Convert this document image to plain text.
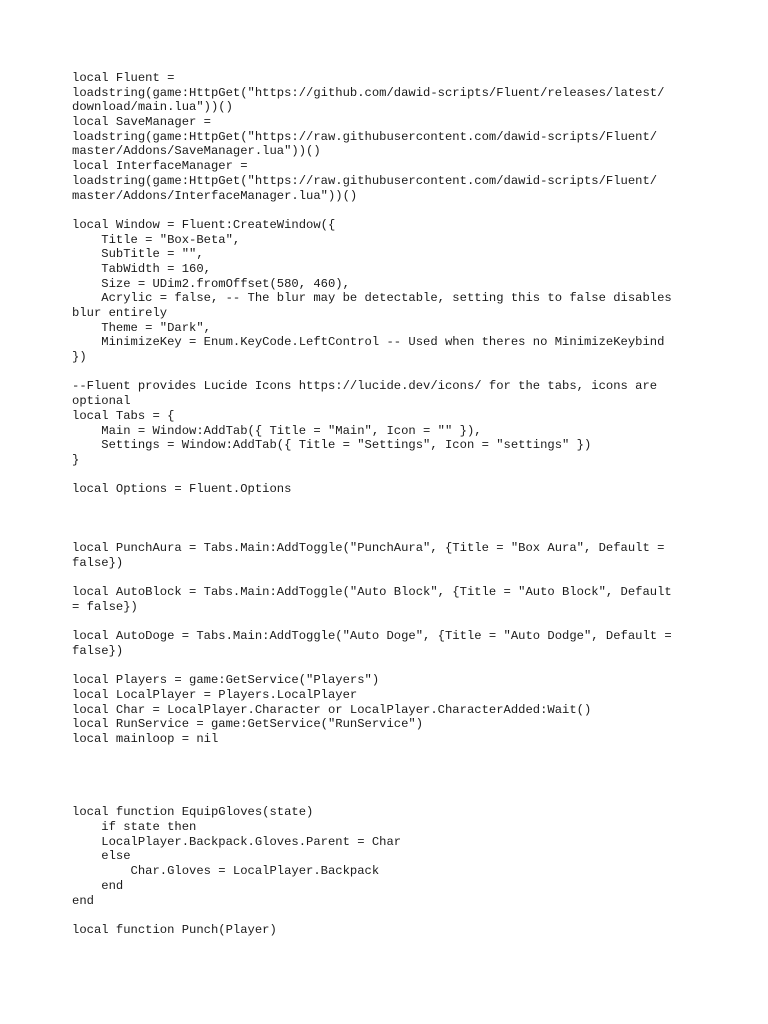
local Fluent =
loadstring(game:HttpGet("https://github.com/dawid-scripts/Fluent/releases/latest/
download/main.lua"))()
local SaveManager =
loadstring(game:HttpGet("https://raw.githubusercontent.com/dawid-scripts/Fluent/
master/Addons/SaveManager.lua"))()
local InterfaceManager =
loadstring(game:HttpGet("https://raw.githubusercontent.com/dawid-scripts/Fluent/
master/Addons/InterfaceManager.lua"))()
local Window = Fluent:CreateWindow({
Title = "Box-Beta",
SubTitle = "",
TabWidth = 160,
Size = UDim2.fromOffset(580, 460),
Acrylic = false, -- The blur may be detectable, setting this to false disables
blur entirely
Theme = "Dark",
MinimizeKey = Enum.KeyCode.LeftControl -- Used when theres no MinimizeKeybind
})
--Fluent provides Lucide Icons https://lucide.dev/icons/ for the tabs, icons are
optional
local Tabs = {
Main = Window:AddTab({ Title = "Main", Icon = "" }),
Settings = Window:AddTab({ Title = "Settings", Icon = "settings" })
}
local Options = Fluent.Options
local PunchAura = Tabs.Main:AddToggle("PunchAura", {Title = "Box Aura", Default =
false})
local AutoBlock = Tabs.Main:AddToggle("Auto Block", {Title = "Auto Block", Default
= false})
local AutoDoge = Tabs.Main:AddToggle("Auto Doge", {Title = "Auto Dodge", Default =
false})
local Players = game:GetService("Players")
local LocalPlayer = Players.LocalPlayer
local Char = LocalPlayer.Character or LocalPlayer.CharacterAdded:Wait()
local RunService = game:GetService("RunService")
local mainloop = nil
local function EquipGloves(state)
if state then
LocalPlayer.Backpack.Gloves.Parent = Char
else
Char.Gloves = LocalPlayer.Backpack
end
end
local function Punch(Player)
